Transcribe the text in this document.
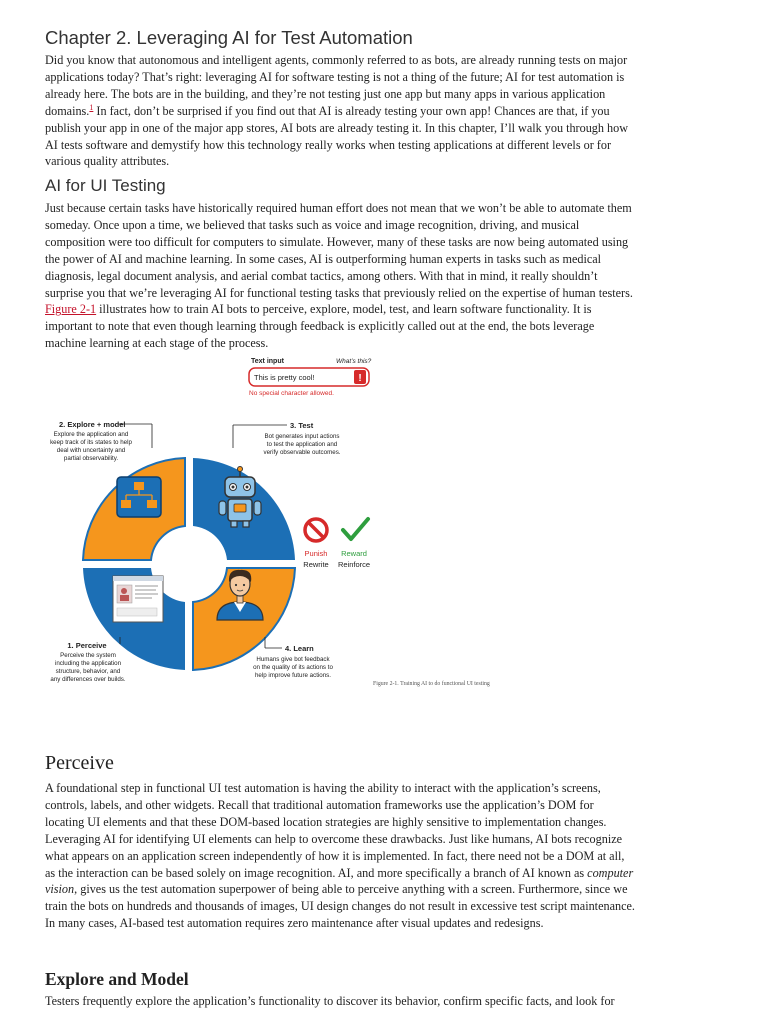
Chapter 2. Leveraging AI for Test Automation

Did you know that autonomous and intelligent agents, commonly referred to as bots, are already running tests on major applications today? That’s right: leveraging AI for software testing is not a thing of the future; AI for test automation is already here. The bots are in the building, and they’re not testing just one app but many apps in various application domains.$^1$ In fact, don’t be surprised if you find out that AI is already testing your own app! Chances are that, if you publish your app in one of the major app stores, AI bots are already testing it. In this chapter, I’ll walk you through how AI tests software and demystify how this technology really works when testing applications at different levels or for various quality attributes.

AI for UI Testing

Just because certain tasks have historically required human effort does not mean that we won’t be able to automate them someday. Once upon a time, we believed that tasks such as voice and image recognition, driving, and musical composition were too difficult for computers to simulate. However, many of these tasks are now being automated using the power of AI and machine learning. In some cases, AI is outperforming human experts in tasks such as medical diagnosis, legal document analysis, and aerial combat tactics, among others. With that in mind, it really shouldn’t surprise you that we’re leveraging AI for functional testing tasks that previously relied on the expertise of human testers. Figure 2-1 illustrates how to train AI bots to perceive, explore, model, test, and learn software functionality. It is important to note that even though learning through feedback is explicitly called out at the end, the bots leverage machine learning at each stage of the process.

Text input	What’s this?
This is pretty cool!	!
No special character allowed.
2. Explore + model
Explore the application and
keep track of its states to help
deal with uncertainty and
partial observability.
3. Test
Bot generates input actions
to test the application and
verify observable outcomes.
Punish
Rewrite
Reward
Reinforce
1. Perceive
Perceive the system
including the application
structure, behavior, and
any differences over builds.
4. Learn
Humans give bot feedback
on the quality of its actions to
help improve future actions.
Figure 2-1. Training AI to do functional UI testing
Perceive

A foundational step in functional UI test automation is having the ability to interact with the application’s screens, controls, labels, and other widgets. Recall that traditional automation frameworks use the application’s DOM for locating UI elements and that these DOM-based location strategies are highly sensitive to implementation changes. Leveraging AI for identifying UI elements can help to overcome these drawbacks. Just like humans, AI bots recognize what appears on an application screen independently of how it is implemented. In fact, there need not be a DOM at all, as the interaction can be based solely on image recognition. AI, and more specifically a branch of AI known as computer vision, gives us the test automation superpower of being able to perceive anything with a screen. Furthermore, since we train the bots on hundreds and thousands of images, UI design changes do not result in excessive test script maintenance. In many cases, AI-based test automation requires zero maintenance after visual updates and redesigns.

Explore and Model

Testers frequently explore the application’s functionality to discover its behavior, confirm specific facts, and look for
